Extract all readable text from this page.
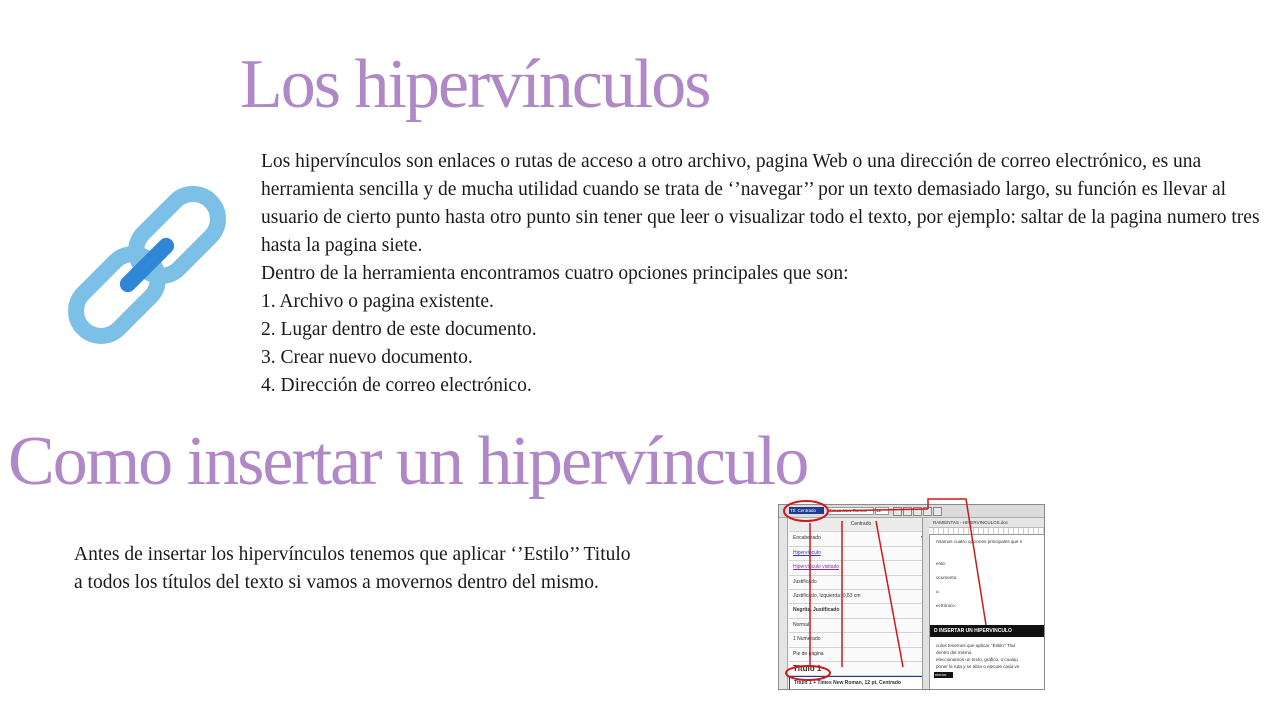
Los hipervínculos

Los hipervínculos son enlaces o rutas de acceso a otro archivo, pagina Web o una dirección de correo electrónico, es una herramienta sencilla y de mucha utilidad cuando se trata de ‘’navegar’’ por un texto demasiado largo, su función es llevar al usuario de cierto punto hasta otro punto sin tener que leer o visualizar todo el texto, por ejemplo: saltar de la pagina numero tres hasta la pagina siete.

Dentro de la herramienta encontramos cuatro opciones principales que son:

1. Archivo o pagina existente.

2. Lugar dentro de este documento.

3. Crear nuevo documento.

4. Dirección de correo electrónico.

Como insertar un hipervínculo

Antes de insertar los hipervínculos tenemos que aplicar ‘’Estilo’’ Titulo a todos los títulos del texto si vamos a movernos dentro del mismo.

Ttl: Centrado	Times New Roman	12
Centrado
Encabezado
Hipervínculo
Hipervínculo visitado
Justificado
Justificado, Izquierda: 0,63 cm
Negrita, Justificado
Normal
1 Numerado
Pie de página
Titulo 1
Titulo 1 + Times New Roman, 12 pt, Centrado
RAMIENTAS - HIPERVINCULOS.doc
ntramos cuatro opciones principales que s
ente.
ocumento.
o.
ectrónico.
D INSERTAR UN HIPERVINCULO
culos tenemos que aplicar ‘’Estilo’’ Titul
dentro del mismo.
eleccionamos un texto, gráfico, o cualqu
poner la ruta y se abra o ejecute cada ve
nterior.
